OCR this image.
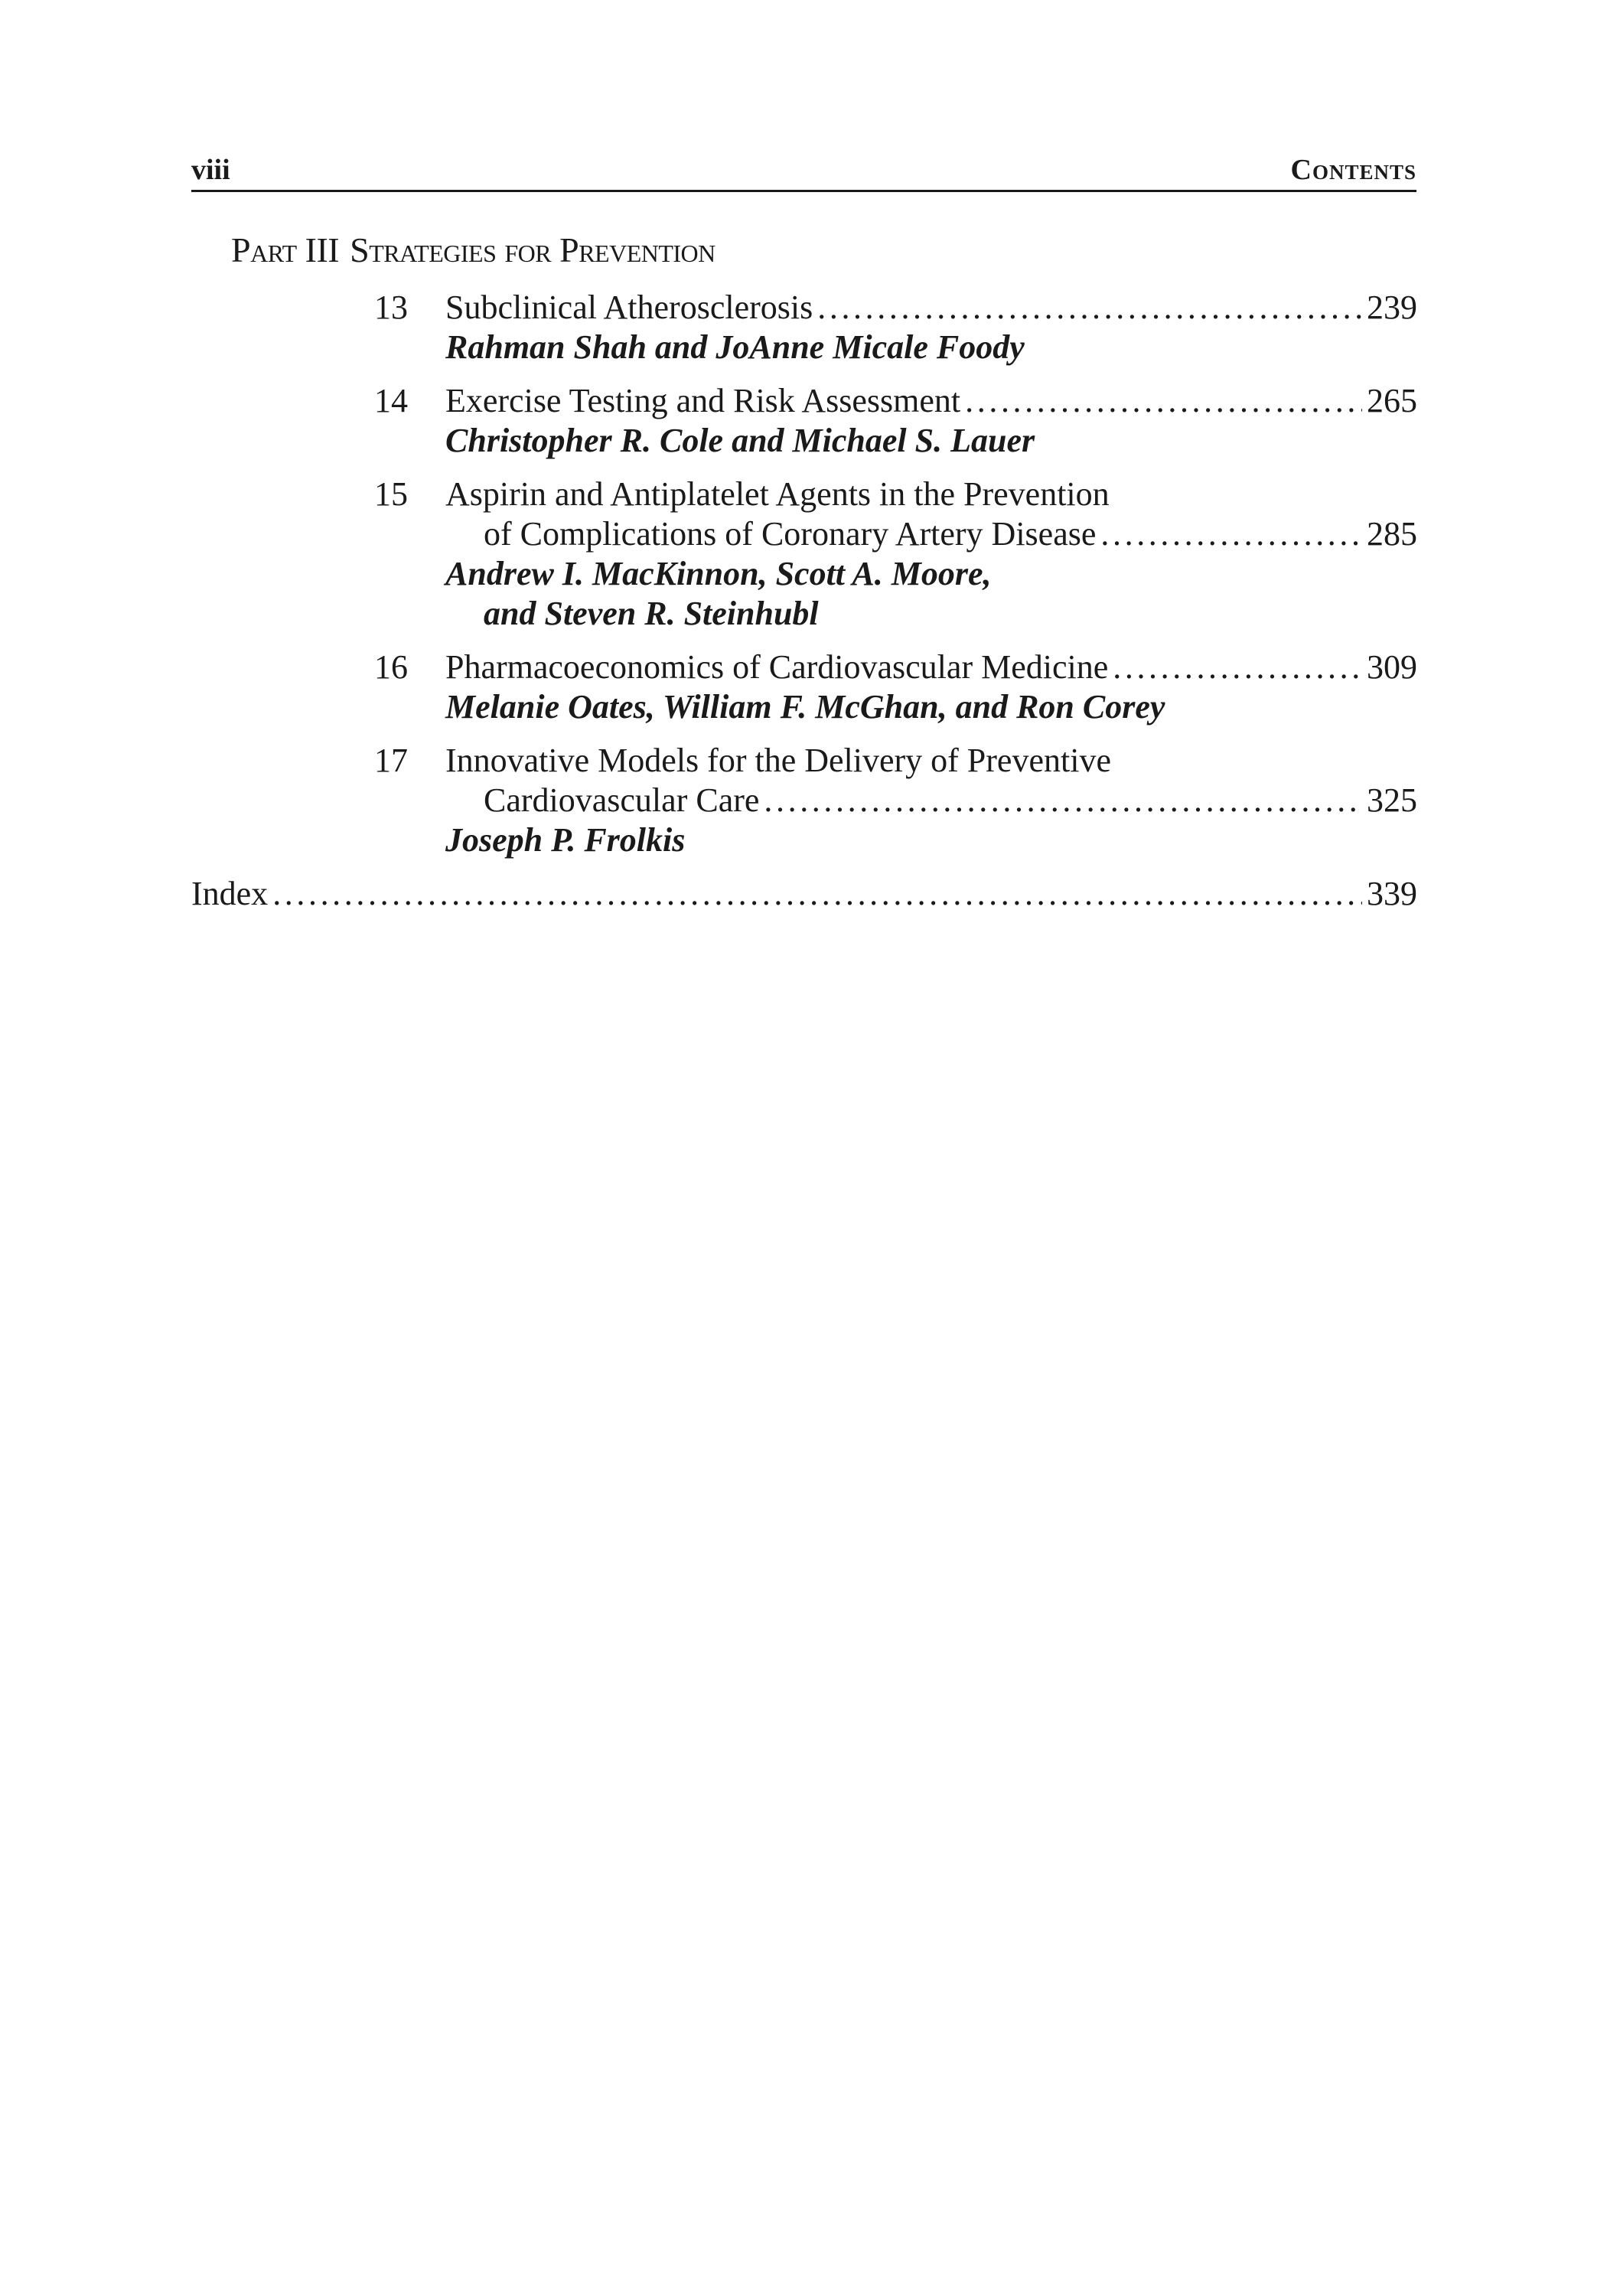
viii	Contents
Part III Strategies for Prevention
13	Subclinical Atherosclerosis .....	239
Rahman Shah and JoAnne Micale Foody
14	Exercise Testing and Risk Assessment .....	265
Christopher R. Cole and Michael S. Lauer
15	Aspirin and Antiplatelet Agents in the Prevention
of Complications of Coronary Artery Disease .....	285
Andrew I. MacKinnon, Scott A. Moore,
and Steven R. Steinhubl
16	Pharmacoeconomics of Cardiovascular Medicine .....	309
Melanie Oates, William F. McGhan, and Ron Corey
17	Innovative Models for the Delivery of Preventive
Cardiovascular Care .....	325
Joseph P. Frolkis
Index .....	339
